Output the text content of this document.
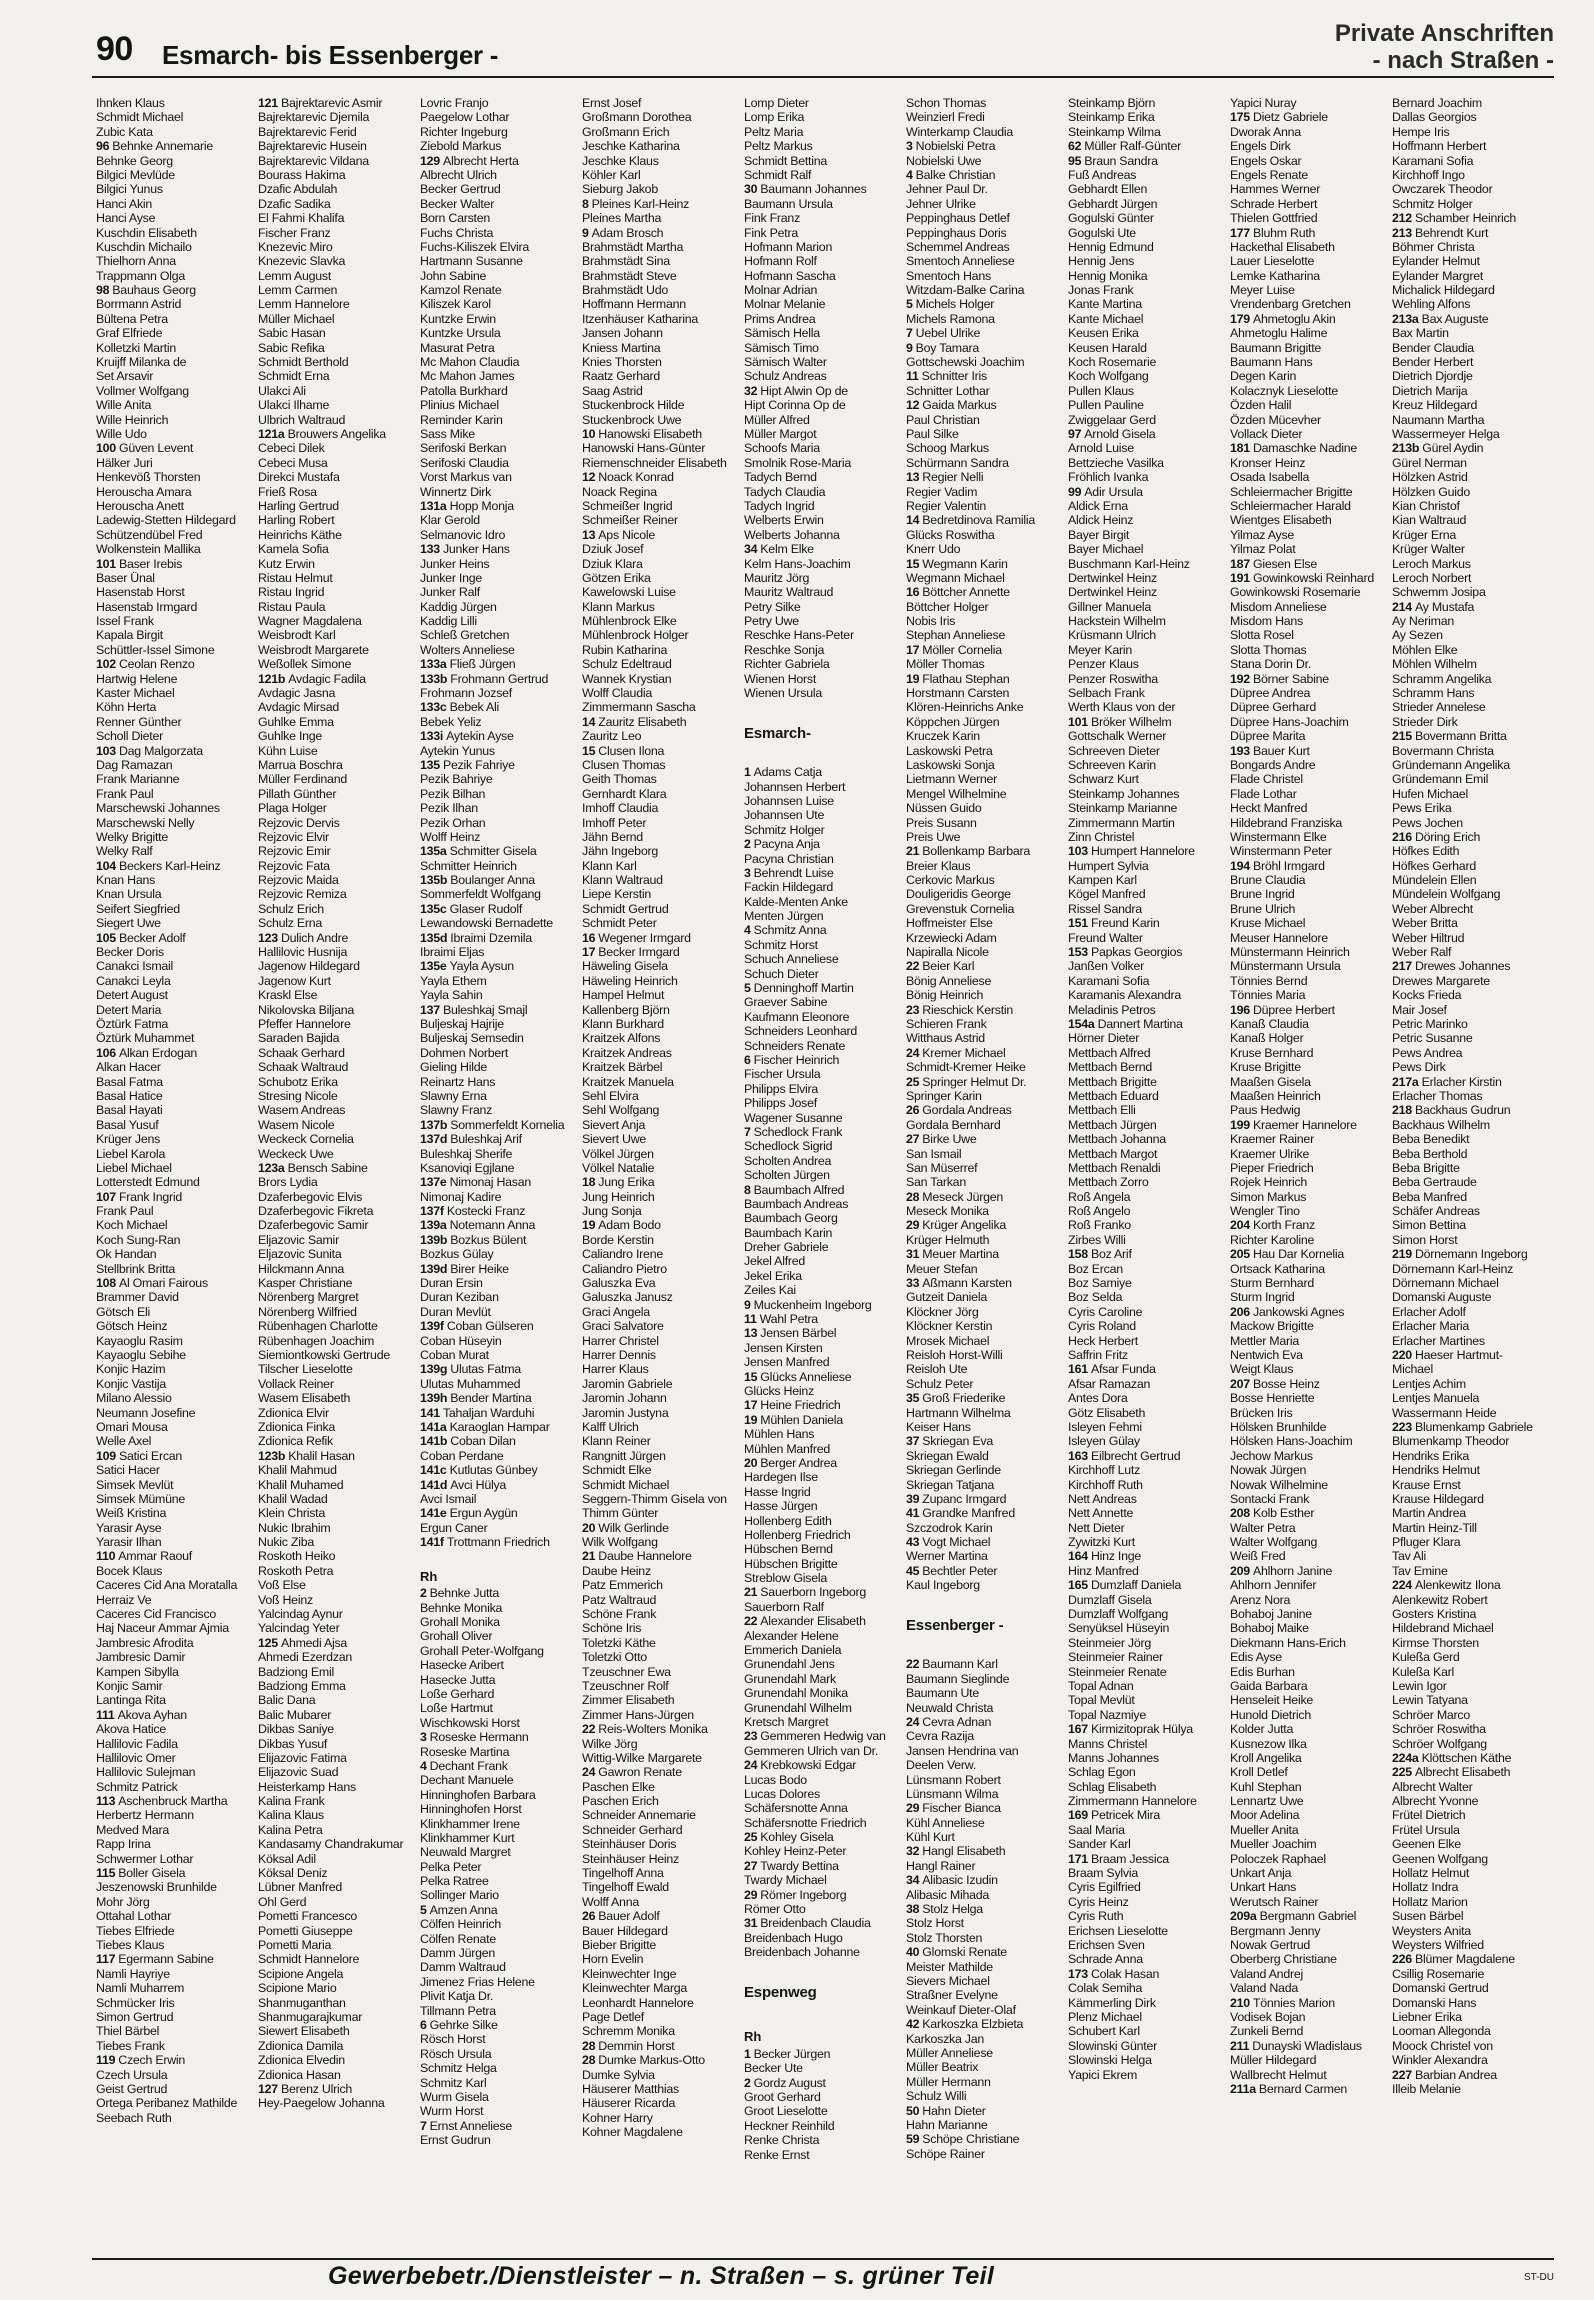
90 Esmarch- bis Essenberger -
Private Anschriften
- nach Straßen -
Ihnken Klaus
Schmidt Michael
Zubic Kata
96 Behnke Annemarie
Behnke Georg
Bilgici Mevlüde
Bilgici Yunus
Hanci Akin
Hanci Ayse
Kuschdin Elisabeth
Kuschdin Michailo
Thielhorn Anna
Trappmann Olga
98 Bauhaus Georg
Borrmann Astrid
Bültena Petra
Graf Elfriede
Kolletzki Martin
Kruijff Milanka de
Set Arsavir
Vollmer Wolfgang
Wille Anita
Wille Heinrich
Wille Udo
100 Güven Levent
Hälker Juri
Henkevöß Thorsten
Herouscha Amara
Herouscha Anett
Ladewig-Stetten Hildegard
Schützendübel Fred
Wolkenstein Mallika
101 Baser Irebis
Baser Ünal
Hasenstab Horst
Hasenstab Irmgard
Issel Frank
Kapala Birgit
Schüttler-Issel Simone
102 Ceolan Renzo
Hartwig Helene
Kaster Michael
Köhn Herta
Renner Günther
Scholl Dieter
103 Dag Malgorzata
Dag Ramazan
Frank Marianne
Frank Paul
Marschewski Johannes
Marschewski Nelly
Welky Brigitte
Welky Ralf
104 Beckers Karl-Heinz
Knan Hans
Knan Ursula
Seifert Siegfried
Siegert Uwe
105 Becker Adolf
Becker Doris
Canakci Ismail
Canakci Leyla
Detert August
Detert Maria
Öztürk Fatma
Öztürk Muhammet
106 Alkan Erdogan
Alkan Hacer
Basal Fatma
Basal Hatice
Basal Hayati
Basal Yusuf
Krüger Jens
Liebel Karola
Liebel Michael
Lotterstedt Edmund
107 Frank Ingrid
Frank Paul
Koch Michael
Koch Sung-Ran
Ok Handan
Stellbrink Britta
108 Al Omari Fairous
Brammer David
Götsch Eli
Götsch Heinz
Kayaoglu Rasim
Kayaoglu Sebihe
Konjic Hazim
Konjic Vastija
Milano Alessio
Neumann Josefine
Omari Mousa
Welle Axel
109 Satici Ercan
Satici Hacer
Simsek Mevlüt
Simsek Mümüne
Weiß Kristina
Yarasir Ayse
Yarasir Ilhan
110 Ammar Raouf
Bocek Klaus
Caceres Cid Ana Moratalla
Herraiz Ve
Caceres Cid Francisco
Haj Naceur Ammar Ajmia
Jambresic Afrodita
Jambresic Damir
Kampen Sibylla
Konjic Samir
Lantinga Rita
111 Akova Ayhan
Akova Hatice
Hallilovic Fadila
Hallilovic Omer
Hallilovic Sulejman
Schmitz Patrick
113 Aschenbruck Martha
Herbertz Hermann
Medved Mara
Rapp Irina
Schwermer Lothar
115 Boller Gisela
Jeszenowski Brunhilde
Mohr Jörg
Ottahal Lothar
Tiebes Elfriede
Tiebes Klaus
117 Egermann Sabine
Namli Hayriye
Namli Muharrem
Schmücker Iris
Simon Gertrud
Thiel Bärbel
Tiebes Frank
119 Czech Erwin
Czech Ursula
Geist Gertrud
Ortega Peribanez Mathilde
Seebach Ruth
121 Bajrektarevic Asmir
Bajrektarevic Djemila
Bajrektarevic Ferid
Bajrektarevic Husein
Bajrektarevic Vildana
Bourass Hakima
Dzafic Abdulah
Dzafic Sadika
El Fahmi Khalifa
Fischer Franz
Knezevic Miro
Knezevic Slavka
Lemm August
Lemm Carmen
Lemm Hannelore
Müller Michael
Sabic Hasan
Sabic Refika
Schmidt Berthold
Schmidt Erna
Ulakci Ali
Ulakci Ilhame
Ulbrich Waltraud
121a Brouwers Angelika
Cebeci Dilek
Cebeci Musa
Direkci Mustafa
Frieß Rosa
Harling Gertrud
Harling Robert
Heinrichs Käthe
Kamela Sofia
Kutz Erwin
Ristau Helmut
Ristau Ingrid
Ristau Paula
Wagner Magdalena
Weisbrodt Karl
Weisbrodt Margarete
Weßollek Simone
121b Avdagic Fadila
Avdagic Jasna
Avdagic Mirsad
Guhlke Emma
Guhlke Inge
Kühn Luise
Marrua Boschra
Müller Ferdinand
Pillath Günther
Plaga Holger
Rejzovic Dervis
Rejzovic Elvir
Rejzovic Emir
Rejzovic Fata
Rejzovic Maida
Rejzovic Remiza
Schulz Erich
Schulz Erna
123 Dulich Andre
Hallilovic Husnija
Jagenow Hildegard
Jagenow Kurt
Kraskl Else
Nikolovska Biljana
Pfeffer Hannelore
Saraden Bajida
Schaak Gerhard
Schaak Waltraud
Schubotz Erika
Stresing Nicole
Wasem Andreas
Wasem Nicole
Weckeck Cornelia
Weckeck Uwe
123a Bensch Sabine
Brors Lydia
Dzaferbegovic Elvis
Dzaferbegovic Fikreta
Dzaferbegovic Samir
Eljazovic Samir
Eljazovic Sunita
Hilckmann Anna
Kasper Christiane
Nörenberg Margret
Nörenberg Wilfried
Rübenhagen Charlotte
Rübenhagen Joachim
Siemiontkowski Gertrude
Tilscher Lieselotte
Vollack Reiner
Wasem Elisabeth
Zdionica Elvir
Zdionica Finka
Zdionica Refik
123b Khalil Hasan
Khalil Mahmud
Khalil Muhamed
Khalil Wadad
Klein Christa
Nukic Ibrahim
Nukic Ziba
Roskoth Heiko
Roskoth Petra
Voß Else
Voß Heinz
Yalcindag Aynur
Yalcindag Yeter
125 Ahmedi Ajsa
Ahmedi Ezerdzan
Badziong Emil
Badziong Emma
Balic Dana
Balic Mubarer
Dikbas Saniye
Dikbas Yusuf
Elijazovic Fatima
Elijazovic Suad
Heisterkamp Hans
Kalina Frank
Kalina Klaus
Kalina Petra
Kandasamy Chandrakumar
Köksal Adil
Köksal Deniz
Lübner Manfred
Ohl Gerd
Pometti Francesco
Pometti Giuseppe
Pometti Maria
Schmidt Hannelore
Scipione Angela
Scipione Mario
Shanmuganthan
Shanmugarajkumar
Siewert Elisabeth
Zdionica Damila
Zdionica Elvedin
Zdionica Hasan
127 Berenz Ulrich
Hey-Paegelow Johanna
Lovric Franjo
Paegelow Lothar
Richter Ingeburg
Ziebold Markus
129 Albrecht Herta
Albrecht Ulrich
Becker Gertrud
Becker Walter
Born Carsten
Fuchs Christa
Fuchs-Kiliszek Elvira
Hartmann Susanne
John Sabine
Kamzol Renate
Kiliszek Karol
Kuntzke Erwin
Kuntzke Ursula
Masurat Petra
Mc Mahon Claudia
Mc Mahon James
Patolla Burkhard
Plinius Michael
Reminder Karin
Sass Mike
Serifoski Berkan
Serifoski Claudia
Vorst Markus van
Winnertz Dirk
131a Hopp Monja
Klar Gerold
Selmanovic Idro
133 Junker Hans
Junker Heins
Junker Inge
Junker Ralf
Kaddig Jürgen
Kaddig Lilli
Schleß Gretchen
Wolters Anneliese
133a Fließ Jürgen
133b Frohmann Gertrud
Frohmann Jozsef
133c Bebek Ali
Bebek Yeliz
133i Aytekin Ayse
Aytekin Yunus
135 Pezik Fahriye
Pezik Bahriye
Pezik Bilhan
Pezik Ilhan
Pezik Orhan
Wolff Heinz
135a Schmitter Gisela
Schmitter Heinrich
135b Boulanger Anna
Sommerfeldt Wolfgang
135c Glaser Rudolf
Lewandowski Bernadette
135d Ibraimi Dzemila
Ibraimi Eljas
135e Yayla Aysun
Yayla Ethem
Yayla Sahin
137 Buleshkaj Smajl
Buljeskaj Hajrije
Buljeskaj Semsedin
Dohmen Norbert
Gieling Hilde
Reinartz Hans
Slawny Erna
Slawny Franz
137b Sommerfeldt Kornelia
137d Buleshkaj Arif
Buleshkaj Sherife
Ksanoviqi Egjlane
137e Nimonaj Hasan
Nimonaj Kadire
137f Kostecki Franz
139a Notemann Anna
139b Bozkus Bülent
Bozkus Gülay
139d Birer Heike
Duran Ersin
Duran Keziban
Duran Mevlüt
139f Coban Gülseren
Coban Hüseyin
Coban Murat
139g Ulutas Fatma
Ulutas Muhammed
139h Bender Martina
141 Tahaljan Warduhi
141a Karaoglan Hampar
141b Coban Dilan
Coban Perdane
141c Kutlutas Günbey
141d Avci Hülya
Avci Ismail
141e Ergun Aygün
Ergun Caner
141f Trottmann Friedrich

Rh
2 Behnke Jutta
Behnke Monika
Grohall Monika
Grohall Oliver
Grohall Peter-Wolfgang
Hasecke Aribert
Hasecke Jutta
Loße Gerhard
Loße Hartmut
Wischkowski Horst
3 Roseske Hermann
Roseske Martina
4 Dechant Frank
Dechant Manuele
Hinninghofen Barbara
Hinninghofen Horst
Klinkhammer Irene
Klinkhammer Kurt
Neuwald Margret
Pelka Peter
Pelka Ratree
Sollinger Mario
5 Amzen Anna
Cölfen Heinrich
Cölfen Renate
Damm Jürgen
Damm Waltraud
Jimenez Frias Helene
Plivit Katja Dr.
Tillmann Petra
6 Gehrke Silke
Rösch Horst
Rösch Ursula
Schmitz Helga
Schmitz Karl
Wurm Gisela
Wurm Horst
7 Ernst Anneliese
Ernst Gudrun
Ernst Josef
Großmann Dorothea
Großmann Erich
Jeschke Katharina
Jeschke Klaus
Köhler Karl
Sieburg Jakob
8 Pleines Karl-Heinz
Pleines Martha
9 Adam Brosch
Brahmstädt Martha
Brahmstädt Sina
Brahmstädt Steve
Brahmstädt Udo
Hoffmann Hermann
Itzenhäuser Katharina
Jansen Johann
Kniess Martina
Knies Thorsten
Raatz Gerhard
Saag Astrid
Stuckenbrock Hilde
Stuckenbrock Uwe
10 Hanowski Elisabeth
Hanowski Hans-Günter
Riemenschneider Elisabeth
12 Noack Konrad
Noack Regina
Schmeißer Ingrid
Schmeißer Reiner
13 Aps Nicole
Dziuk Josef
Dziuk Klara
Götzen Erika
Kawelowski Luise
Klann Markus
Mühlenbrock Elke
Mühlenbrock Holger
Rubin Katharina
Schulz Edeltraud
Wannek Krystian
Wolff Claudia
Zimmermann Sascha
14 Zauritz Elisabeth
Zauritz Leo
15 Clusen Ilona
Clusen Thomas
Geith Thomas
Gernhardt Klara
Imhoff Claudia
Imhoff Peter
Jähn Bernd
Jähn Ingeborg
Klann Karl
Klann Waltraud
Liepe Kerstin
Schmidt Gertrud
Schmidt Peter
16 Wegener Irmgard
17 Becker Irmgard
Häweling Gisela
Häweling Heinrich
Hampel Helmut
Kallenberg Björn
Klann Burkhard
Kraitzek Alfons
Kraitzek Andreas
Kraitzek Bärbel
Kraitzek Manuela
Sehl Elvira
Sehl Wolfgang
Sievert Anja
Sievert Uwe
Völkel Jürgen
Völkel Natalie
18 Jung Erika
Jung Heinrich
Jung Sonja
19 Adam Bodo
Borde Kerstin
Caliandro Irene
Caliandro Pietro
Galuszka Eva
Galuszka Janusz
Graci Angela
Graci Salvatore
Harrer Christel
Harrer Dennis
Harrer Klaus
Jaromin Gabriele
Jaromin Johann
Jaromin Justyna
Kalff Ulrich
Klann Reiner
Rangnitt Jürgen
Schmidt Elke
Schmidt Michael
Seggern-Thimm Gisela von
Thimm Günter
20 Wilk Gerlinde
Wilk Wolfgang
21 Daube Hannelore
Daube Heinz
Patz Emmerich
Patz Waltraud
Schöne Frank
Schöne Iris
Toletzki Käthe
Toletzki Otto
Tzeuschner Ewa
Tzeuschner Rolf
Zimmer Elisabeth
Zimmer Hans-Jürgen
22 Reis-Wolters Monika
Wilke Jörg
Wittig-Wilke Margarete
24 Gawron Renate
Paschen Elke
Paschen Erich
Schneider Annemarie
Schneider Gerhard
Steinhäuser Doris
Steinhäuser Heinz
Tingelhoff Anna
Tingelhoff Ewald
Wolff Anna
26 Bauer Adolf
Bauer Hildegard
Bieber Brigitte
Horn Evelin
Kleinwechter Inge
Kleinwechter Marga
Leonhardt Hannelore
Page Detlef
Schremm Monika
28 Demmin Horst
28 Dumke Markus-Otto
Dumke Sylvia
Häuserer Matthias
Häuserer Ricarda
Kohner Harry
Kohner Magdalene
Lomp Dieter
Lomp Erika
Peltz Maria
Peltz Markus
Schmidt Bettina
Schmidt Ralf
30 Baumann Johannes
Baumann Ursula
Fink Franz
Fink Petra
Hofmann Marion
Hofmann Rolf
Hofmann Sascha
Molnar Adrian
Molnar Melanie
Prims Andrea
Sämisch Hella
Sämisch Timo
Sämisch Walter
Schulz Andreas
32 Hipt Alwin Op de
Hipt Corinna Op de
Müller Alfred
Müller Margot
Schoofs Maria
Smolnik Rose-Maria
Tadych Bernd
Tadych Claudia
Tadych Ingrid
Welberts Erwin
Welberts Johanna
34 Kelm Elke
Kelm Hans-Joachim
Mauritz Jörg
Mauritz Waltraud
Petry Silke
Petry Uwe
Reschke Hans-Peter
Reschke Sonja
Richter Gabriela
Wienen Horst
Wienen Ursula

Esmarch-

1 Adams Catja
Johannsen Herbert
Johannsen Luise
Johannsen Ute
Schmitz Holger
2 Pacyna Anja
Pacyna Christian
3 Behrendt Luise
Fackin Hildegard
Kalde-Menten Anke
Menten Jürgen
4 Schmitz Anna
Schmitz Horst
Schuch Anneliese
Schuch Dieter
5 Denninghoff Martin
Graever Sabine
Kaufmann Eleonore
Schneiders Leonhard
Schneiders Renate
6 Fischer Heinrich
Fischer Ursula
Philipps Elvira
Philipps Josef
Wagener Susanne
7 Schedlock Frank
Schedlock Sigrid
Scholten Andrea
Scholten Jürgen
8 Baumbach Alfred
Baumbach Andreas
Baumbach Georg
Baumbach Karin
Dreher Gabriele
Jekel Alfred
Jekel Erika
Zeiles Kai
9 Muckenheim Ingeborg
11 Wahl Petra
13 Jensen Bärbel
Jensen Kirsten
Jensen Manfred
15 Glücks Anneliese
Glücks Heinz
17 Heine Friedrich
19 Mühlen Daniela
Mühlen Hans
Mühlen Manfred
20 Berger Andrea
Hardegen Ilse
Hasse Ingrid
Hasse Jürgen
Hollenberg Edith
Hollenberg Friedrich
Hübschen Bernd
Hübschen Brigitte
Streblow Gisela
21 Sauerborn Ingeborg
Sauerborn Ralf
22 Alexander Elisabeth
Alexander Helene
Emmerich Daniela
Grunendahl Jens
Grunendahl Mark
Grunendahl Monika
Grunendahl Wilhelm
Kretsch Margret
23 Gemmeren Hedwig van
Gemmeren Ulrich van Dr.
24 Krebkowski Edgar
Lucas Bodo
Lucas Dolores
Schäfersnotte Anna
Schäfersnotte Friedrich
25 Kohley Gisela
Kohley Heinz-Peter
27 Twardy Bettina
Twardy Michael
29 Römer Ingeborg
Römer Otto
31 Breidenbach Claudia
Breidenbach Hugo
Breidenbach Johanne

Espenweg

Rh
1 Becker Jürgen
Becker Ute
2 Gordz August
Groot Gerhard
Groot Lieselotte
Heckner Reinhild
Renke Christa
Renke Ernst
Schon Thomas
Weinzierl Fredi
Winterkamp Claudia
3 Nobielski Petra
Nobielski Uwe
4 Balke Christian
Jehner Paul Dr.
Jehner Ulrike
Peppinghaus Detlef
Peppinghaus Doris
Schemmel Andreas
Smentoch Anneliese
Smentoch Hans
Witzdam-Balke Carina
5 Michels Holger
Michels Ramona
7 Uebel Ulrike
9 Boy Tamara
Gottschewski Joachim
11 Schnitter Iris
Schnitter Lothar
12 Gaida Markus
Paul Christian
Paul Silke
Schoog Markus
Schürmann Sandra
13 Regier Nelli
Regier Vadim
Regier Valentin
14 Bedretdinova Ramilia
Glücks Roswitha
Knerr Udo
15 Wegmann Karin
Wegmann Michael
16 Böttcher Annette
Böttcher Holger
Nobis Iris
Stephan Anneliese
17 Möller Cornelia
Möller Thomas
19 Flathau Stephan
Horstmann Carsten
Klören-Heinrichs Anke
Köppchen Jürgen
Kruczek Karin
Laskowski Petra
Laskowski Sonja
Lietmann Werner
Mengel Wilhelmine
Nüssen Guido
Preis Susann
Preis Uwe
21 Bollenkamp Barbara
Breier Klaus
Cerkovic Markus
Douligeridis George
Grevenstuk Cornelia
Hoffmeister Else
Krzewiecki Adam
Napiralla Nicole
22 Beier Karl
Bönig Anneliese
Bönig Heinrich
23 Rieschick Kerstin
Schieren Frank
Witthaus Astrid
24 Kremer Michael
Schmidt-Kremer Heike
25 Springer Helmut Dr.
Springer Karin
26 Gordala Andreas
Gordala Bernhard
27 Birke Uwe
San Ismail
San Müserref
San Tarkan
28 Meseck Jürgen
Meseck Monika
29 Krüger Angelika
Krüger Helmuth
31 Meuer Martina
Meuer Stefan
33 Aßmann Karsten
Gutzeit Daniela
Klöckner Jörg
Klöckner Kerstin
Mrosek Michael
Reisloh Horst-Willi
Reisloh Ute
Schulz Peter
35 Groß Friederike
Hartmann Wilhelma
Keiser Hans
37 Skriegan Eva
Skriegan Ewald
Skriegan Gerlinde
Skriegan Tatjana
39 Zupanc Irmgard
41 Grandke Manfred
Szczodrok Karin
43 Vogt Michael
Werner Martina
45 Bechtler Peter
Kaul Ingeborg

Essenberger -

22 Baumann Karl
Baumann Sieglinde
Baumann Ute
Neuwald Christa
24 Cevra Adnan
Cevra Razija
Jansen Hendrina van
Deelen Verw.
Lünsmann Robert
Lünsmann Wilma
29 Fischer Bianca
Kühl Anneliese
Kühl Kurt
32 Hangl Elisabeth
Hangl Rainer
34 Alibasic Izudin
Alibasic Mihada
38 Stolz Helga
Stolz Horst
Stolz Thorsten
40 Glomski Renate
Meister Mathilde
Sievers Michael
Straßner Evelyne
Weinkauf Dieter-Olaf
42 Karkoszka Elzbieta
Karkoszka Jan
Müller Anneliese
Müller Beatrix
Müller Hermann
Schulz Willi
50 Hahn Dieter
Hahn Marianne
59 Schöpe Christiane
Schöpe Rainer
Steinkamp Björn
Steinkamp Erika
Steinkamp Wilma
62 Müller Ralf-Günter
95 Braun Sandra
Fuß Andreas
Gebhardt Ellen
Gebhardt Jürgen
Gogulski Günter
Gogulski Ute
Hennig Edmund
Hennig Jens
Hennig Monika
Jonas Frank
Kante Martina
Kante Michael
Keusen Erika
Keusen Harald
Koch Rosemarie
Koch Wolfgang
Pullen Klaus
Pullen Pauline
Zwiggelaar Gerd
97 Arnold Gisela
Arnold Luise
Bettzieche Vasilka
Fröhlich Ivanka
99 Adir Ursula
Aldick Erna
Aldick Heinz
Bayer Birgit
Bayer Michael
Buschmann Karl-Heinz
Dertwinkel Heinz
Dertwinkel Heinz
Gillner Manuela
Hackstein Wilhelm
Krüsmann Ulrich
Meyer Karin
Penzer Klaus
Penzer Roswitha
Selbach Frank
Werth Klaus von der
101 Bröker Wilhelm
Gottschalk Werner
Schreeven Dieter
Schreeven Karin
Schwarz Kurt
Steinkamp Johannes
Steinkamp Marianne
Zimmermann Martin
Zinn Christel
103 Humpert Hannelore
Humpert Sylvia
Kampen Karl
Kögel Manfred
Rissel Sandra
151 Freund Karin
Freund Walter
153 Papkas Georgios
Janßen Volker
Karamani Sofia
Karamanis Alexandra
Meladinis Petros
154a Dannert Martina
Hörner Dieter
Mettbach Alfred
Mettbach Bernd
Mettbach Brigitte
Mettbach Eduard
Mettbach Elli
Mettbach Jürgen
Mettbach Johanna
Mettbach Margot
Mettbach Renaldi
Mettbach Zorro
Roß Angela
Roß Angelo
Roß Franko
Zirbes Willi
158 Boz Arif
Boz Ercan
Boz Samiye
Boz Selda
Cyris Caroline
Cyris Roland
Heck Herbert
Saffrin Fritz
161 Afsar Funda
Afsar Ramazan
Antes Dora
Götz Elisabeth
Isleyen Fehmi
Isleyen Gülay
163 Eilbrecht Gertrud
Kirchhoff Lutz
Kirchhoff Ruth
Nett Andreas
Nett Annette
Nett Dieter
Zywitzki Kurt
164 Hinz Inge
Hinz Manfred
165 Dumzlaff Daniela
Dumzlaff Gisela
Dumzlaff Wolfgang
Senyüksel Hüseyin
Steinmeier Jörg
Steinmeier Rainer
Steinmeier Renate
Topal Adnan
Topal Mevlüt
Topal Nazmiye
167 Kirmizitoprak Hülya
Manns Christel
Manns Johannes
Schlag Egon
Schlag Elisabeth
Zimmermann Hannelore
169 Petricek Mira
Saal Maria
Sander Karl
171 Braam Jessica
Braam Sylvia
Cyris Egilfried
Cyris Heinz
Cyris Ruth
Erichsen Lieselotte
Erichsen Sven
Schrade Anna
173 Colak Hasan
Colak Semiha
Kämmerling Dirk
Plenz Michael
Schubert Karl
Slowinski Günter
Slowinski Helga
Yapici Ekrem
Yapici Nuray
175 Dietz Gabriele
Dworak Anna
Engels Dirk
Engels Oskar
Engels Renate
Hammes Werner
Schrade Herbert
Thielen Gottfried
177 Bluhm Ruth
Hackethal Elisabeth
Lauer Lieselotte
Lemke Katharina
Meyer Luise
Vrendenbarg Gretchen
179 Ahmetoglu Akin
Ahmetoglu Halime
Baumann Brigitte
Baumann Hans
Degen Karin
Kolacznyk Lieselotte
Özden Halil
Özden Mücevher
Vollack Dieter
181 Damaschke Nadine
Kronser Heinz
Osada Isabella
Schleiermacher Brigitte
Schleiermacher Harald
Wientges Elisabeth
Yilmaz Ayse
Yilmaz Polat
187 Giesen Else
191 Gowinkowski Reinhard
Gowinkowski Rosemarie
Misdom Anneliese
Misdom Hans
Slotta Rosel
Slotta Thomas
Stana Dorin Dr.
192 Börner Sabine
Düpree Andrea
Düpree Gerhard
Düpree Hans-Joachim
Düpree Marita
193 Bauer Kurt
Bongards Andre
Flade Christel
Flade Lothar
Heckt Manfred
Hildebrand Franziska
Winstermann Elke
Winstermann Peter
194 Bröhl Irmgard
Brune Claudia
Brune Ingrid
Brune Ulrich
Kruse Michael
Meuser Hannelore
Münstermann Heinrich
Münstermann Ursula
Tönnies Bernd
Tönnies Maria
196 Düpree Herbert
Kanaß Claudia
Kanaß Holger
Kruse Bernhard
Kruse Brigitte
Maaßen Gisela
Maaßen Heinrich
Paus Hedwig
199 Kraemer Hannelore
Kraemer Rainer
Kraemer Ulrike
Pieper Friedrich
Rojek Heinrich
Simon Markus
Wengler Tino
204 Korth Franz
Richter Karoline
205 Hau Dar Kornelia
Ortsack Katharina
Sturm Bernhard
Sturm Ingrid
206 Jankowski Agnes
Mackow Brigitte
Mettler Maria
Nentwich Eva
Weigt Klaus
207 Bosse Heinz
Bosse Henriette
Brücken Iris
Hölsken Brunhilde
Hölsken Hans-Joachim
Jechow Markus
Nowak Jürgen
Nowak Wilhelmine
Sontacki Frank
208 Kolb Esther
Walter Petra
Walter Wolfgang
Weiß Fred
209 Ahlhorn Janine
Ahlhorn Jennifer
Arenz Nora
Bohaboj Janine
Bohaboj Maike
Diekmann Hans-Erich
Edis Ayse
Edis Burhan
Gaida Barbara
Henseleit Heike
Hunold Dietrich
Kolder Jutta
Kusnezow Ilka
Kroll Angelika
Kroll Detlef
Kuhl Stephan
Lennartz Uwe
Moor Adelina
Mueller Anita
Mueller Joachim
Poloczek Raphael
Unkart Anja
Unkart Hans
Werutsch Rainer
209a Bergmann Gabriel
Bergmann Jenny
Nowak Gertrud
Oberberg Christiane
Valand Andrej
Valand Nada
210 Tönnies Marion
Vodisek Bojan
Zunkeli Bernd
211 Dunayski Wladislaus
Müller Hildegard
Wallbrecht Helmut
211a Bernard Carmen
Bernard Joachim
Dallas Georgios
Hempe Iris
Hoffmann Herbert
Karamani Sofia
Kirchhoff Ingo
Owczarek Theodor
Schmitz Holger
212 Schamber Heinrich
213 Behrendt Kurt
Böhmer Christa
Eylander Helmut
Eylander Margret
Michalick Hildegard
Wehling Alfons
213a Bax Auguste
Bax Martin
Bender Claudia
Bender Herbert
Dietrich Djordje
Dietrich Marija
Kreuz Hildegard
Naumann Martha
Wassermeyer Helga
213b Gürel Aydin
Gürel Nerman
Hölzken Astrid
Hölzken Guido
Kian Christof
Kian Waltraud
Krüger Erna
Krüger Walter
Leroch Markus
Leroch Norbert
Schwemm Josipa
214 Ay Mustafa
Ay Neriman
Ay Sezen
Möhlen Elke
Möhlen Wilhelm
Schramm Angelika
Schramm Hans
Strieder Annelese
Strieder Dirk
215 Bovermann Britta
Bovermann Christa
Gründemann Angelika
Gründemann Emil
Hufen Michael
Pews Erika
Pews Jochen
216 Döring Erich
Höfkes Edith
Höfkes Gerhard
Mündelein Ellen
Mündelein Wolfgang
Weber Albrecht
Weber Britta
Weber Hiltrud
Weber Ralf
217 Drewes Johannes
Drewes Margarete
Kocks Frieda
Mair Josef
Petric Marinko
Petric Susanne
Pews Andrea
Pews Dirk
217a Erlacher Kirstin
Erlacher Thomas
218 Backhaus Gudrun
Backhaus Wilhelm
Beba Benedikt
Beba Berthold
Beba Brigitte
Beba Gertraude
Beba Manfred
Schäfer Andreas
Simon Bettina
Simon Horst
219 Dörnemann Ingeborg
Dörnemann Karl-Heinz
Dörnemann Michael
Domanski Auguste
Erlacher Adolf
Erlacher Maria
Erlacher Martines
220 Haeser Hartmut-
Michael
Lentjes Achim
Lentjes Manuela
Wassermann Heide
223 Blumenkamp Gabriele
Blumenkamp Theodor
Hendriks Erika
Hendriks Helmut
Krause Ernst
Krause Hildegard
Martin Andrea
Martin Heinz-Till
Pfluger Klara
Tav Ali
Tav Emine
224 Alenkewitz Ilona
Alenkewitz Robert
Gosters Kristina
Hildebrand Michael
Kirmse Thorsten
Kuleßa Gerd
Kuleßa Karl
Lewin Igor
Lewin Tatyana
Schröer Marco
Schröer Roswitha
Schröer Wolfgang
224a Klöttschen Käthe
225 Albrecht Elisabeth
Albrecht Walter
Albrecht Yvonne
Frütel Dietrich
Frütel Ursula
Geenen Elke
Geenen Wolfgang
Hollatz Helmut
Hollatz Indra
Hollatz Marion
Susen Bärbel
Weysters Anita
Weysters Wilfried
226 Blümer Magdalene
Csillig Rosemarie
Domanski Gertrud
Domanski Hans
Liebner Erika
Looman Allegonda
Moock Christel von
Winkler Alexandra
227 Barbian Andrea
Illeib Melanie
Gewerbebetr./Dienstleister – n. Straßen – s. grüner Teil	ST-DU
